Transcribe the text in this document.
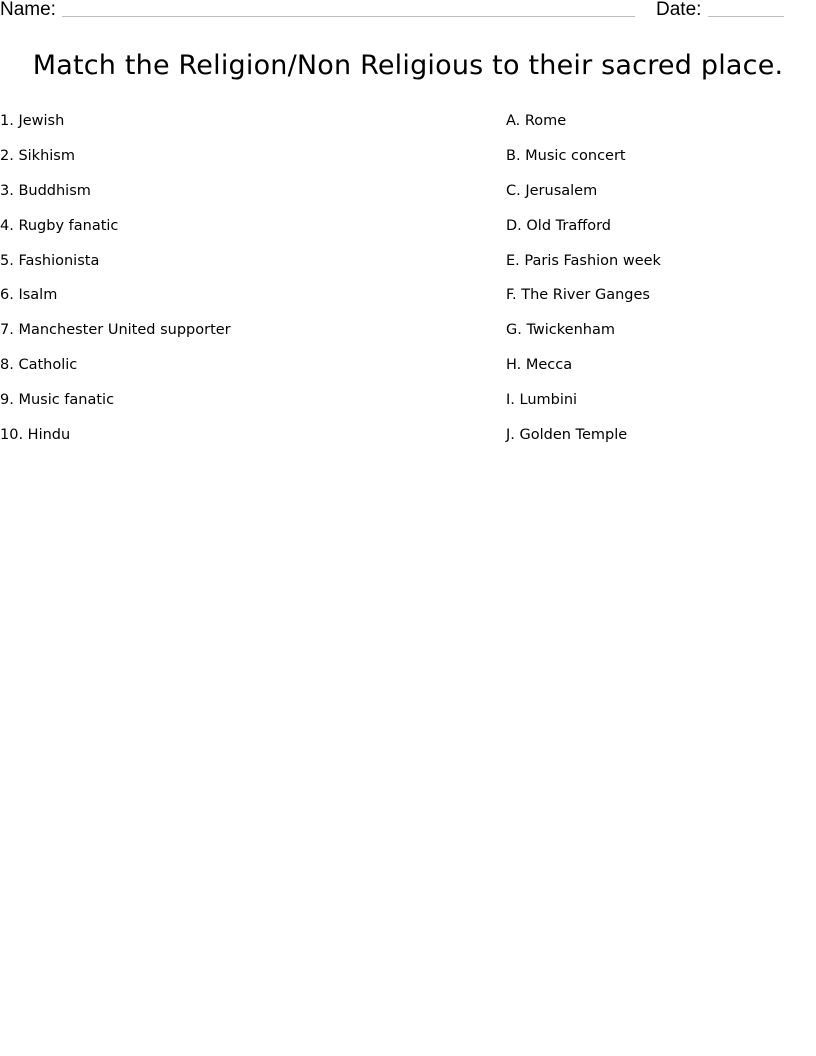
Name:	Date:
Match the Religion/Non Religious to their sacred place.
1. Jewish
2. Sikhism
3. Buddhism
4. Rugby fanatic
5. Fashionista
6. Isalm
7. Manchester United supporter
8. Catholic
9. Music fanatic
10. Hindu
A. Rome
B. Music concert
C. Jerusalem
D. Old Trafford
E. Paris Fashion week
F. The River Ganges
G. Twickenham
H. Mecca
I. Lumbini
J. Golden Temple
